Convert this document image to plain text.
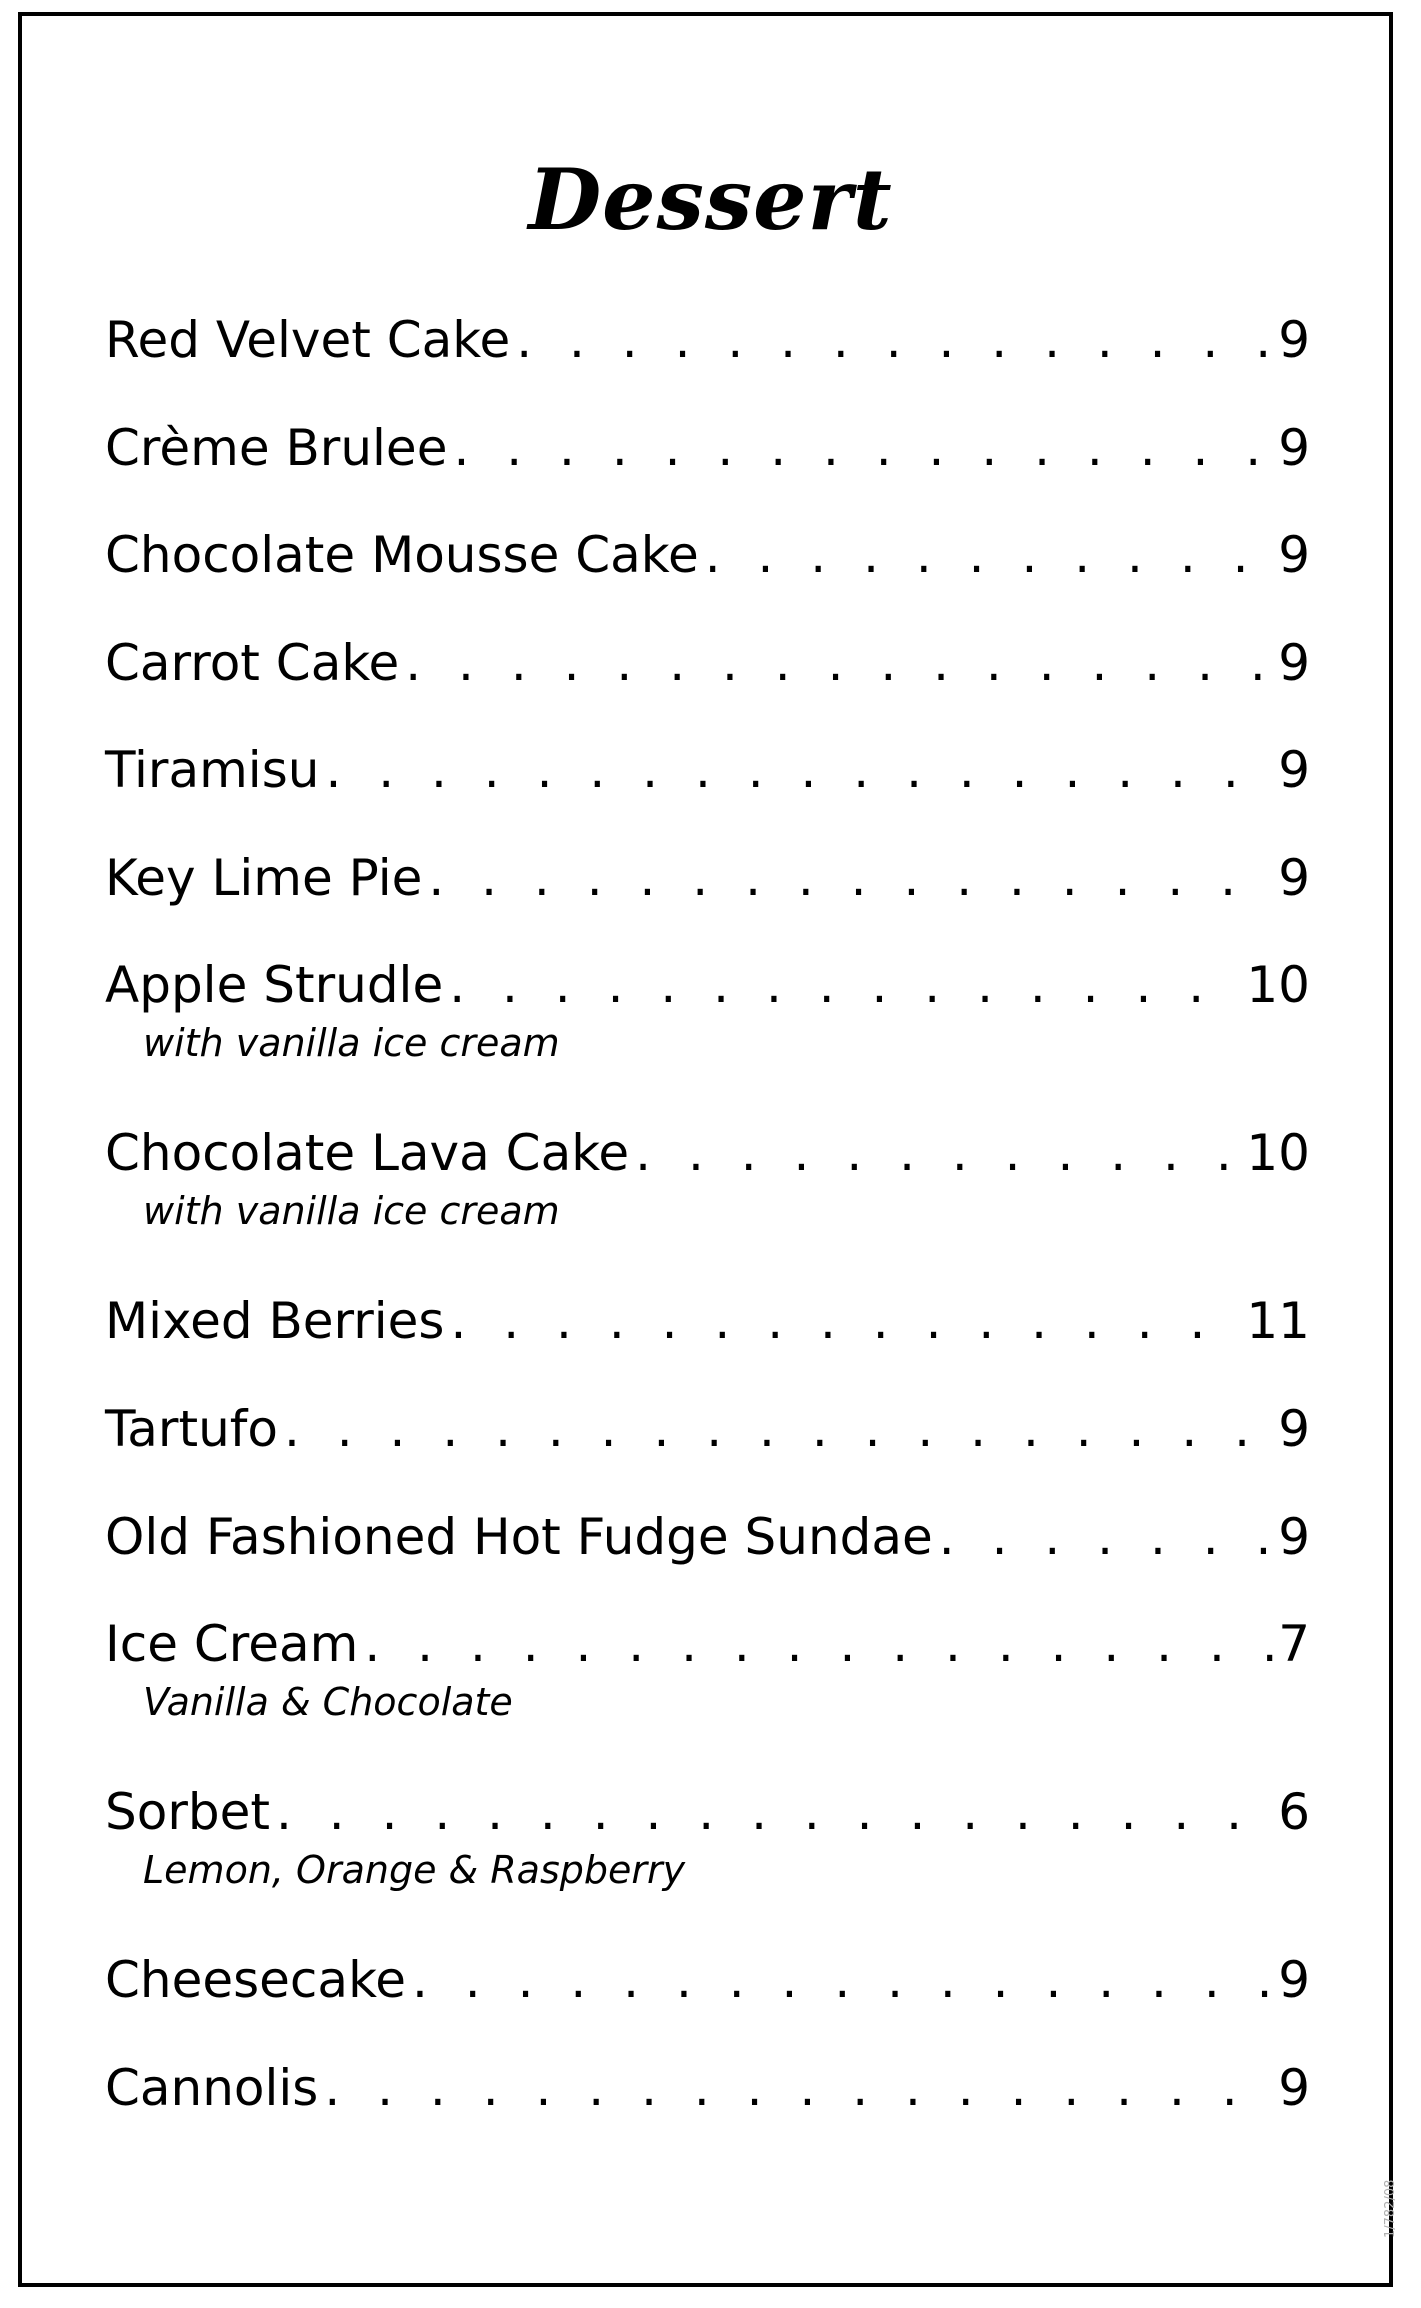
Dessert
Red Velvet Cake . . .	9
Crème Brulee . . .	9
Chocolate Mousse Cake . . .	9
Carrot Cake . . .	9
Tiramisu . . .	9
Key Lime Pie . . .	9
Apple Strudle . . .	10
with vanilla ice cream
Chocolate Lava Cake . . .	10
with vanilla ice cream
Mixed Berries . . .	11
Tartufo . . .	9
Old Fashioned Hot Fudge Sundae . . .	9
Ice Cream . . .	7
Vanilla & Chocolate
Sorbet . . .	6
Lemon, Orange & Raspberry
Cheesecake . . .	9
Cannolis . . .	9
1/782/08
